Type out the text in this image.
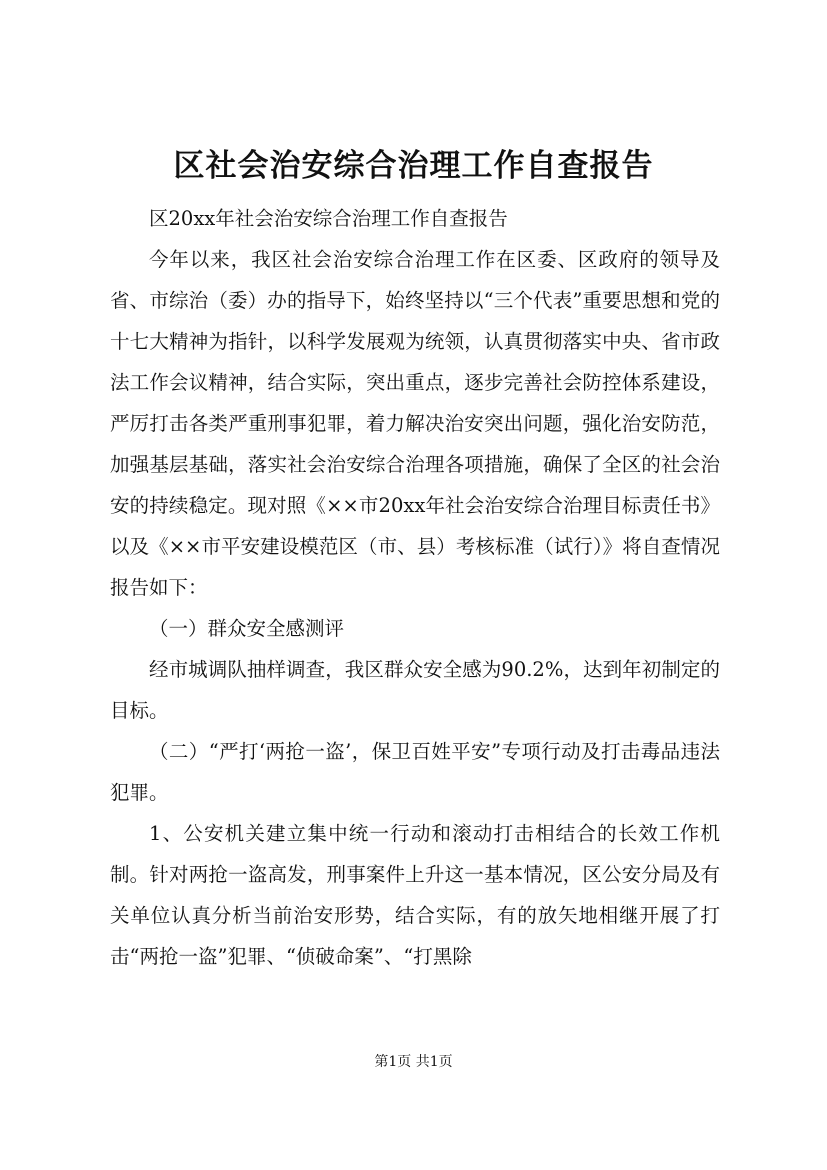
区社会治安综合治理工作自查报告

区20xx年社会治安综合治理工作自查报告

今年以来，我区社会治安综合治理工作在区委、区政府的领导及省、市综治（委）办的指导下，始终坚持以“三个代表”重要思想和党的十七大精神为指针，以科学发展观为统领，认真贯彻落实中央、省市政法工作会议精神，结合实际，突出重点，逐步完善社会防控体系建设，严厉打击各类严重刑事犯罪，着力解决治安突出问题，强化治安防范，加强基层基础，落实社会治安综合治理各项措施，确保了全区的社会治安的持续稳定。现对照《××市20xx年社会治安综合治理目标责任书》以及《××市平安建设模范区（市、县）考核标准（试行）》将自查情况报告如下：

（一）群众安全感测评

经市城调队抽样调查，我区群众安全感为90.2%，达到年初制定的目标。

（二）“严打‘两抢一盗’，保卫百姓平安”专项行动及打击毒品违法犯罪。

1、公安机关建立集中统一行动和滚动打击相结合的长效工作机制。针对两抢一盗高发，刑事案件上升这一基本情况，区公安分局及有关单位认真分析当前治安形势，结合实际，有的放矢地相继开展了打击“两抢一盗”犯罪、“侦破命案”、“打黑除

第1页 共1页
